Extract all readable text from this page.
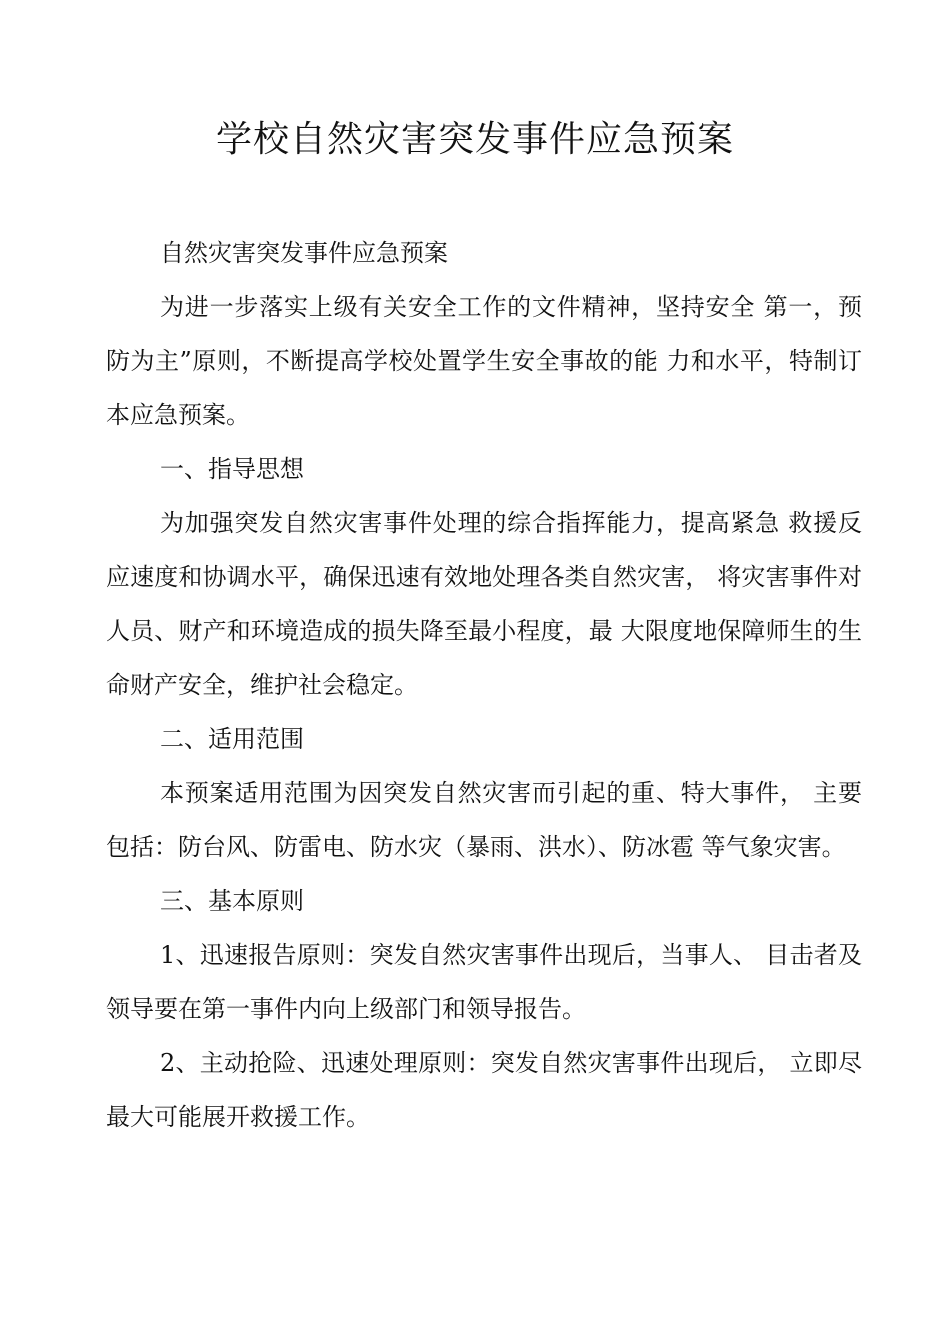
学校自然灾害突发事件应急预案

自然灾害突发事件应急预案

为进一步落实上级有关安全工作的文件精神，坚持安全 第一，预防为主”原则，不断提高学校处置学生安全事故的能 力和水平，特制订本应急预案。

一、指导思想

为加强突发自然灾害事件处理的综合指挥能力，提高紧急 救援反应速度和协调水平，确保迅速有效地处理各类自然灾害， 将灾害事件对人员、财产和环境造成的损失降至最小程度，最 大限度地保障师生的生命财产安全，维护社会稳定。

二、适用范围

本预案适用范围为因突发自然灾害而引起的重、特大事件， 主要包括：防台风、防雷电、防水灾（暴雨、洪水）、防冰雹 等气象灾害。

三、基本原则

1、迅速报告原则：突发自然灾害事件出现后，当事人、 目击者及领导要在第一事件内向上级部门和领导报告。

2、主动抢险、迅速处理原则：突发自然灾害事件出现后， 立即尽最大可能展开救援工作。
